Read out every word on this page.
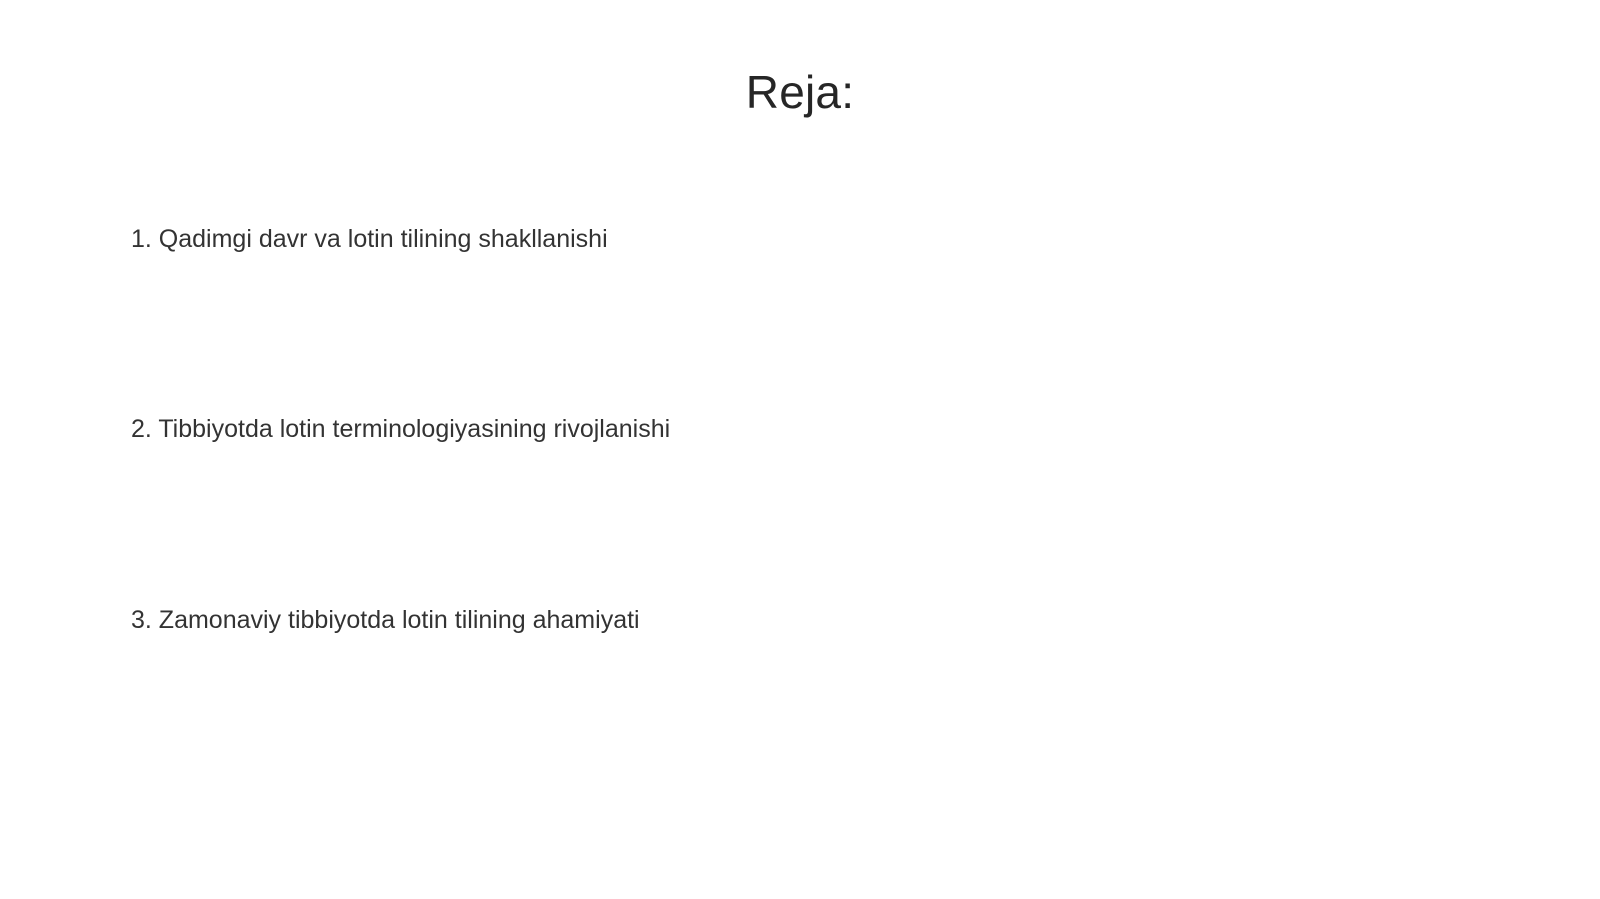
Reja:
1. Qadimgi davr va lotin tilining shakllanishi
2. Tibbiyotda lotin terminologiyasining rivojlanishi
3. Zamonaviy tibbiyotda lotin tilining ahamiyati
